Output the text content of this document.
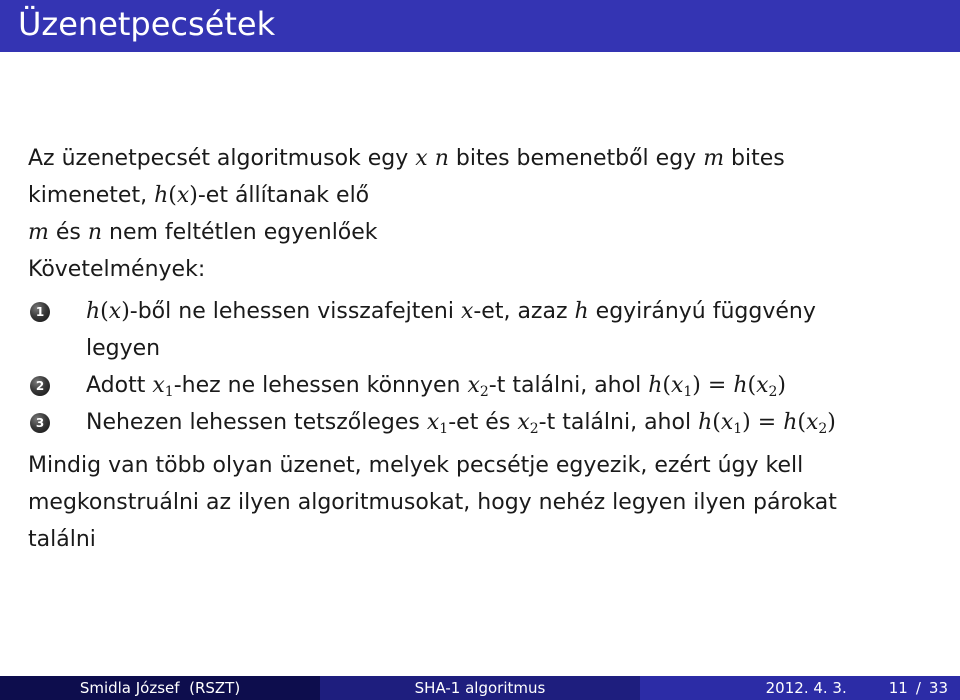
Üzenetpecsétek
Az üzenetpecsét algoritmusok egy x n bites bemenetből egy m bites
kimenetet, h(x)-et állítanak elő
m és n nem feltétlen egyenlőek
Követelmények:
1 h(x)-ből ne lehessen visszafejteni x-et, azaz h egyirányú függvény
legyen
2 Adott $x_1$-hez ne lehessen könnyen $x_2-t$ találni, ahol $h(x_1) = h(x_2)$
3 Nehezen lehessen tetszőleges $x_1-et$ és $x_2-t$ találni, ahol $h(x_1) = h(x_2)$
Mindig van több olyan üzenet, melyek pecsétje egyezik, ezért úgy kell
megkonstruálni az ilyen algoritmusokat, hogy nehéz legyen ilyen párokat
találni
Smidla József  (RSZT)	SHA-1 algoritmus	2012. 4. 3.	11 / 33
